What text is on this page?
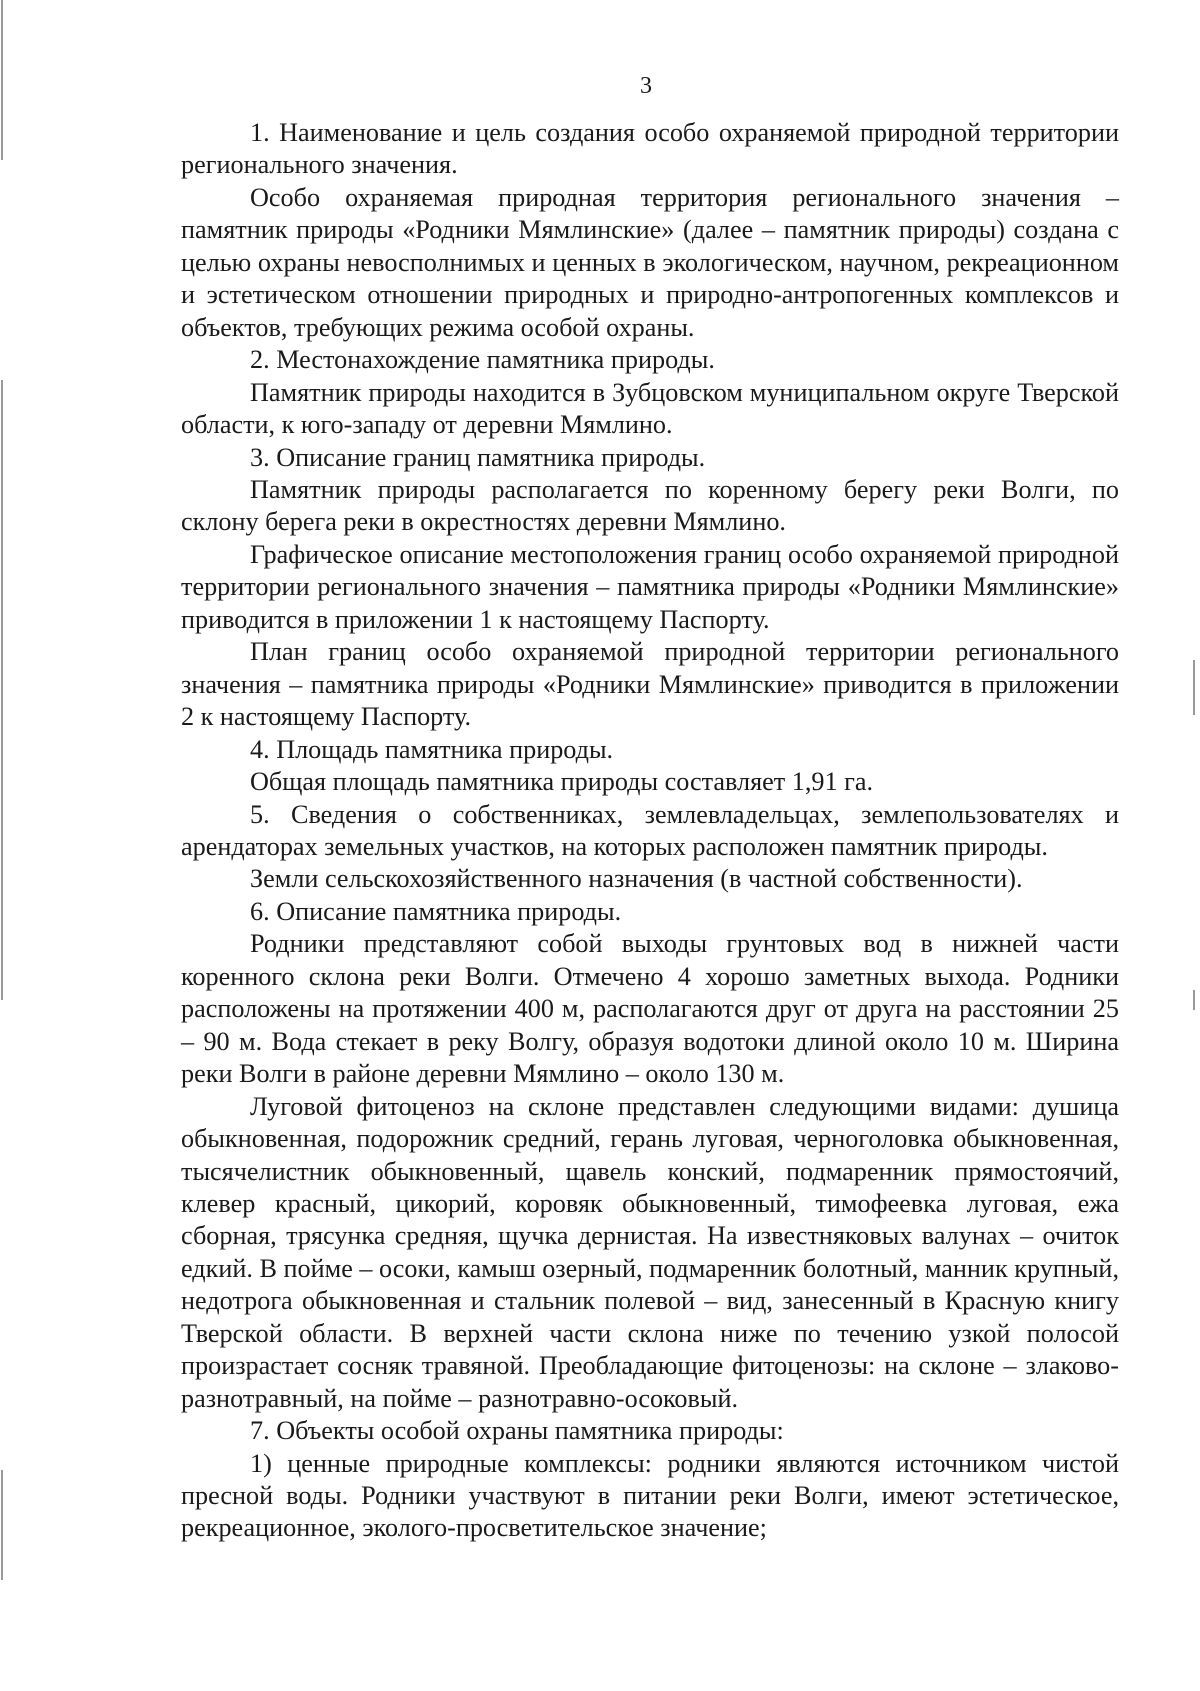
3

1. Наименование и цель создания особо охраняемой природной территории регионального значения.

Особо охраняемая природная территория регионального значения – памятник природы «Родники Мямлинские» (далее – памятник природы) создана с целью охраны невосполнимых и ценных в экологическом, научном, рекреационном и эстетическом отношении природных и природно-антропогенных комплексов и объектов, требующих режима особой охраны.

2. Местонахождение памятника природы.

Памятник природы находится в Зубцовском муниципальном округе Тверской области, к юго-западу от деревни Мямлино.

3. Описание границ памятника природы.

Памятник природы располагается по коренному берегу реки Волги, по склону берега реки в окрестностях деревни Мямлино.

Графическое описание местоположения границ особо охраняемой природной территории регионального значения – памятника природы «Родники Мямлинские» приводится в приложении 1 к настоящему Паспорту.

План границ особо охраняемой природной территории регионального значения – памятника природы «Родники Мямлинские» приводится в приложении 2 к настоящему Паспорту.

4. Площадь памятника природы.

Общая площадь памятника природы составляет 1,91 га.

5. Сведения о собственниках, землевладельцах, землепользователях и арендаторах земельных участков, на которых расположен памятник природы.

Земли сельскохозяйственного назначения (в частной собственности).

6. Описание памятника природы.

Родники представляют собой выходы грунтовых вод в нижней части коренного склона реки Волги. Отмечено 4 хорошо заметных выхода. Родники расположены на протяжении 400 м, располагаются друг от друга на расстоянии 25 – 90 м. Вода стекает в реку Волгу, образуя водотоки длиной около 10 м. Ширина реки Волги в районе деревни Мямлино – около 130 м.

Луговой фитоценоз на склоне представлен следующими видами: душица обыкновенная, подорожник средний, герань луговая, черноголовка обыкновенная, тысячелистник обыкновенный, щавель конский, подмаренник прямостоячий, клевер красный, цикорий, коровяк обыкновенный, тимофеевка луговая, ежа сборная, трясунка средняя, щучка дернистая. На известняковых валунах – очиток едкий. В пойме – осоки, камыш озерный, подмаренник болотный, манник крупный, недотрога обыкновенная и стальник полевой – вид, занесенный в Красную книгу Тверской области. В верхней части склона ниже по течению узкой полосой произрастает сосняк травяной. Преобладающие фитоценозы: на склоне – злаково-разнотравный, на пойме – разнотравно-осоковый.

7. Объекты особой охраны памятника природы:

1) ценные природные комплексы: родники являются источником чистой пресной воды. Родники участвуют в питании реки Волги, имеют эстетическое, рекреационное, эколого-просветительское значение;
